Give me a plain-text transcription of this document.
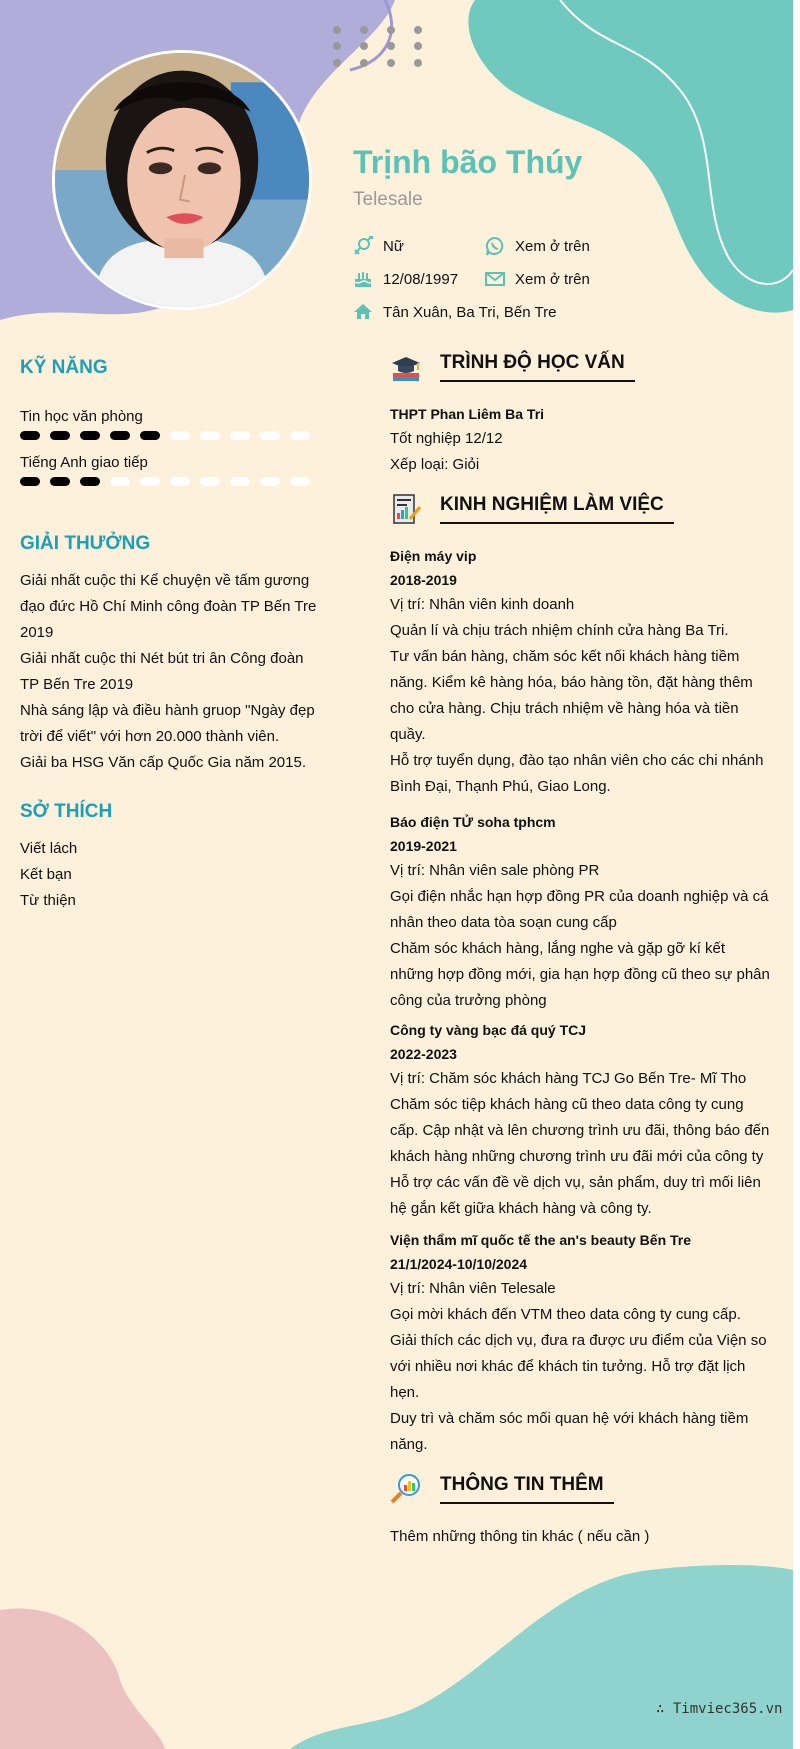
Trịnh bão Thúy
Telesale
Nữ	Xem ở trên
12/08/1997	Xem ở trên
Tân Xuân, Ba Tri, Bến Tre
KỸ NĂNG
Tin học văn phòng
Tiếng Anh giao tiếp
GIẢI THƯỞNG
Giải nhất cuộc thi Kể chuyện về tấm gương đạo đức Hồ Chí Minh công đoàn TP Bến Tre 2019
Giải nhất cuộc thi Nét bút tri ân Công đoàn TP Bến Tre 2019
Nhà sáng lập và điều hành gruop "Ngày đẹp trời để viết" với hơn 20.000 thành viên.
Giải ba HSG Văn cấp Quốc Gia năm 2015.
SỞ THÍCH
Viết lách
Kết bạn
Từ thiện
TRÌNH ĐỘ HỌC VẤN
THPT Phan Liêm Ba Tri

Tốt nghiệp 12/12

Xếp loại: Giỏi

KINH NGHIỆM LÀM VIỆC
Điện máy vip
2018-2019

Vị trí: Nhân viên kinh doanh

Quản lí và chịu trách nhiệm chính cửa hàng Ba Tri.

Tư vấn bán hàng, chăm sóc kết nối khách hàng tiềm năng. Kiểm kê hàng hóa, báo hàng tồn, đặt hàng thêm cho cửa hàng. Chịu trách nhiệm về hàng hóa và tiền quầy.

Hỗ trợ tuyển dụng, đào tạo nhân viên cho các chi nhánh Bình Đại, Thạnh Phú, Giao Long.

Báo điện TỬ soha tphcm
2019-2021

Vị trí: Nhân viên sale phòng PR

Gọi điện nhắc hạn hợp đồng PR của doanh nghiệp và cá nhân theo data tòa soạn cung cấp

Chăm sóc khách hàng, lắng nghe và gặp gỡ kí kết những hợp đồng mới, gia hạn hợp đồng cũ theo sự phân công của trưởng phòng

Công ty vàng bạc đá quý TCJ
2022-2023

Vị trí: Chăm sóc khách hàng TCJ Go Bến Tre- Mĩ Tho

Chăm sóc tiệp khách hàng cũ theo data công ty cung cấp. Cập nhật và lên chương trình ưu đãi, thông báo đến khách hàng những chương trình ưu đãi mới của công ty

Hỗ trợ các vấn đề về dịch vụ, sản phẩm, duy trì mối liên hệ gắn kết giữa khách hàng và công ty.

Viện thẩm mĩ quốc tế the an's beauty Bến Tre
21/1/2024-10/10/2024

Vị trí: Nhân viên Telesale

Gọi mời khách đến VTM theo data công ty cung cấp. Giải thích các dịch vụ, đưa ra được ưu điểm của Viện so với nhiều nơi khác để khách tin tưởng. Hỗ trợ đặt lịch hẹn.

Duy trì và chăm sóc mối quan hệ với khách hàng tiềm năng.

THÔNG TIN THÊM

Thêm những thông tin khác ( nếu cần )

∴ Timviec365.vn
